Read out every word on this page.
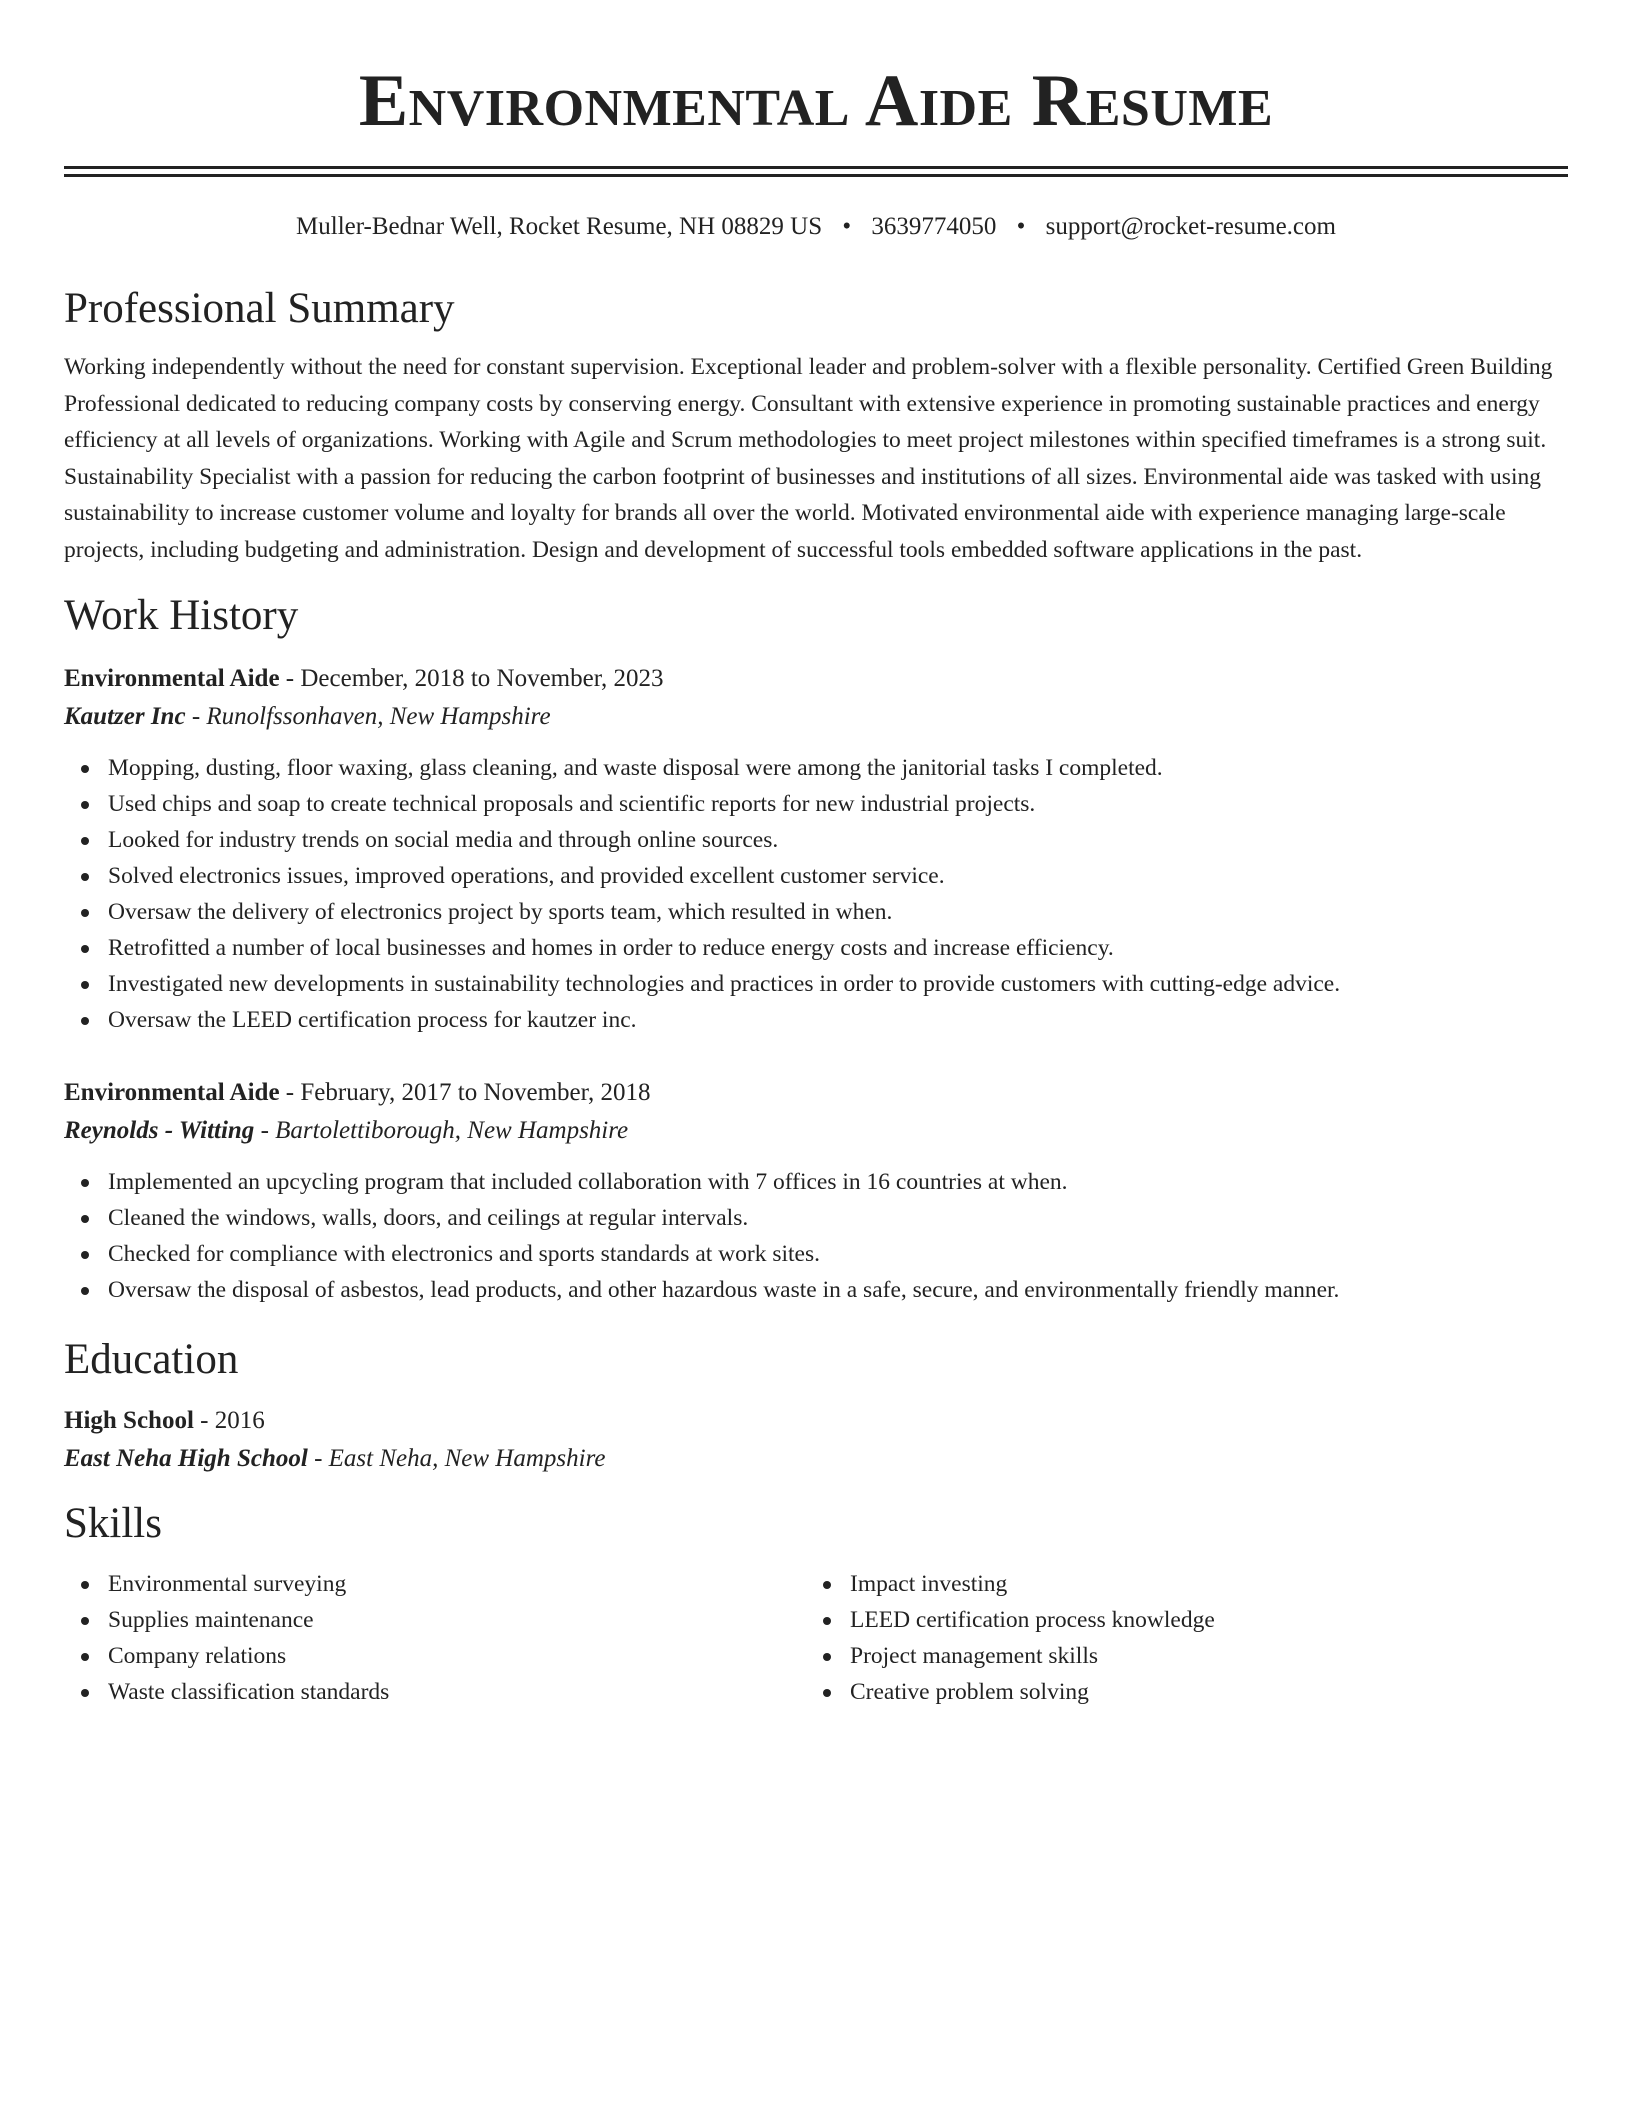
Environmental Aide Resume
Muller-Bednar Well, Rocket Resume, NH 08829 US • 3639774050 • support@rocket-resume.com
Professional Summary

Working independently without the need for constant supervision. Exceptional leader and problem-solver with a flexible personality. Certified Green Building Professional dedicated to reducing company costs by conserving energy. Consultant with extensive experience in promoting sustainable practices and energy efficiency at all levels of organizations. Working with Agile and Scrum methodologies to meet project milestones within specified timeframes is a strong suit. Sustainability Specialist with a passion for reducing the carbon footprint of businesses and institutions of all sizes. Environmental aide was tasked with using sustainability to increase customer volume and loyalty for brands all over the world. Motivated environmental aide with experience managing large-scale projects, including budgeting and administration. Design and development of successful tools embedded software applications in the past.

Work History
Environmental Aide - December, 2018 to November, 2023
Kautzer Inc - Runolfssonhaven, New Hampshire
Mopping, dusting, floor waxing, glass cleaning, and waste disposal were among the janitorial tasks I completed.
Used chips and soap to create technical proposals and scientific reports for new industrial projects.
Looked for industry trends on social media and through online sources.
Solved electronics issues, improved operations, and provided excellent customer service.
Oversaw the delivery of electronics project by sports team, which resulted in when.
Retrofitted a number of local businesses and homes in order to reduce energy costs and increase efficiency.
Investigated new developments in sustainability technologies and practices in order to provide customers with cutting-edge advice.
Oversaw the LEED certification process for kautzer inc.
Environmental Aide - February, 2017 to November, 2018
Reynolds - Witting - Bartolettiborough, New Hampshire
Implemented an upcycling program that included collaboration with 7 offices in 16 countries at when.
Cleaned the windows, walls, doors, and ceilings at regular intervals.
Checked for compliance with electronics and sports standards at work sites.
Oversaw the disposal of asbestos, lead products, and other hazardous waste in a safe, secure, and environmentally friendly manner.
Education
High School - 2016
East Neha High School - East Neha, New Hampshire
Skills
Environmental surveying
Supplies maintenance
Company relations
Waste classification standards
Impact investing
LEED certification process knowledge
Project management skills
Creative problem solving
